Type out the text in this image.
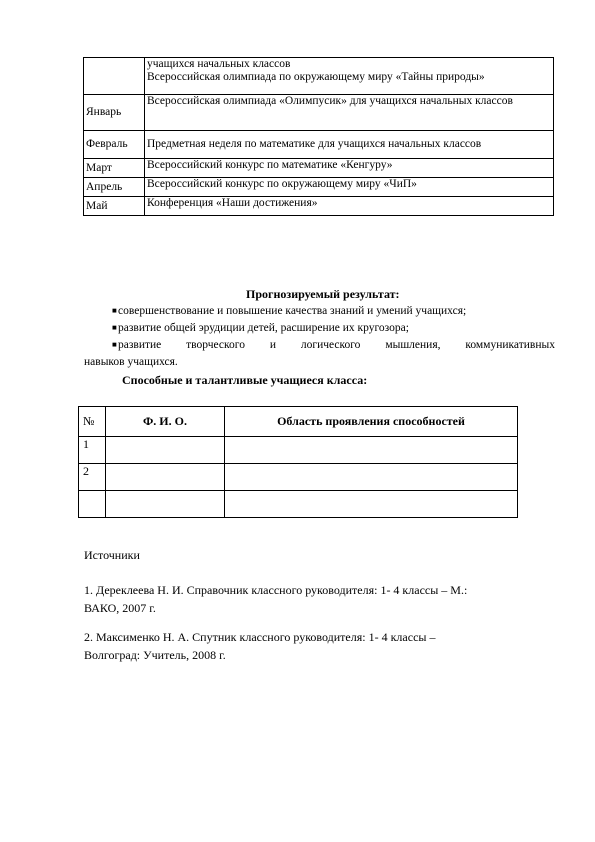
	учащихся начальных классов
Всероссийская олимпиада по окружающему миру «Тайны природы»

Январь	Всероссийская олимпиада «Олимпусик» для учащихся начальных классов
Февраль	Предметная неделя по математике для учащихся начальных классов
Март	Всероссийский конкурс по математике «Кенгуру»
Апрель	Всероссийский конкурс по окружающему миру «ЧиП»
Май	Конференция «Наши достижения»
Прогнозируемый результат:
■совершенствование и повышение качества знаний и умений учащихся;
■развитие общей эрудиции детей, расширение их кругозора;
■развитие творческого и логического мышления, коммуникативных
навыков учащихся.
Способные и талантливые учащиеся класса:
№	Ф. И. О.	Область проявления способностей
1		
2		

Источники
1. Дереклеева Н. И. Справочник классного руководителя: 1- 4 классы – М.:
ВАКО, 2007 г.
2. Максименко Н. А. Спутник классного руководителя: 1- 4 классы –
Волгоград: Учитель, 2008 г.
